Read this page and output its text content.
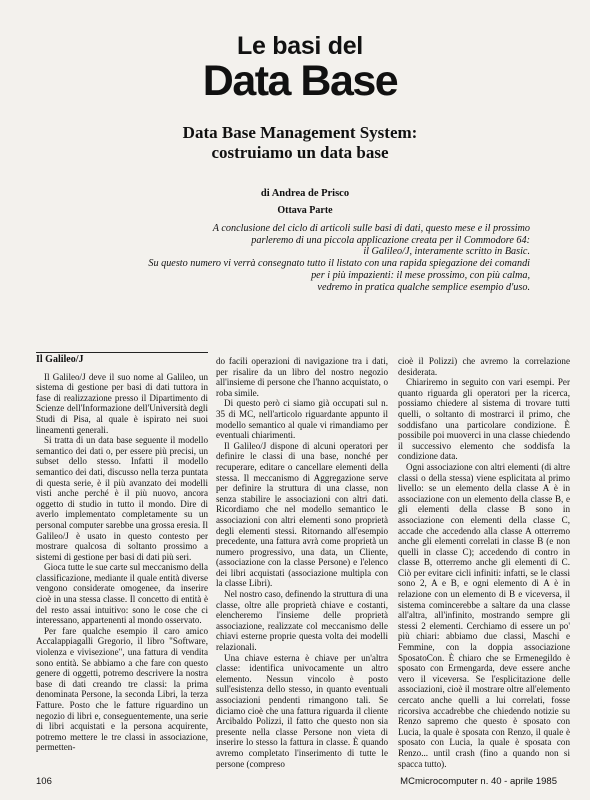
Le basi del
Data Base
Data Base Management System:
costruiamo un data base
di Andrea de Prisco
Ottava Parte

A conclusione del ciclo di articoli sulle basi di dati, questo mese e il prossimo

parleremo di una piccola applicazione creata per il Commodore 64:

il Galileo/J, interamente scritto in Basic.

Su questo numero vi verrà consegnato tutto il listato con una rapida spiegazione dei comandi

per i più impazienti: il mese prossimo, con più calma,

vedremo in pratica qualche semplice esempio d'uso.

Il Galileo/J

Il Galileo/J deve il suo nome al Galileo, un sistema di gestione per basi di dati tuttora in fase di realizzazione presso il Dipartimento di Scienze dell'Informazione dell'Università degli Studi di Pisa, al quale è ispirato nei suoi lineamenti generali.

Si tratta di un data base seguente il modello semantico dei dati o, per essere più precisi, un subset dello stesso. Infatti il modello semantico dei dati, discusso nella terza puntata di questa serie, è il più avanzato dei modelli visti anche perché è il più nuovo, ancora oggetto di studio in tutto il mondo. Dire di averlo implementato completamente su un personal computer sarebbe una grossa eresia. Il Galileo/J è usato in questo contesto per mostrare qualcosa di soltanto prossimo a sistemi di gestione per basi di dati più seri.

Gioca tutte le sue carte sul meccanismo della classificazione, mediante il quale entità diverse vengono considerate omogenee, da inserire cioè in una stessa classe. Il concetto di entità è del resto assai intuitivo: sono le cose che ci interessano, appartenenti al mondo osservato.

Per fare qualche esempio il caro amico Accalappiagalli Gregorio, il libro "Software, violenza e vivisezione", una fattura di vendita sono entità. Se abbiamo a che fare con questo genere di oggetti, potremo descrivere la nostra base di dati creando tre classi: la prima denominata Persone, la seconda Libri, la terza Fatture. Posto che le fatture riguardino un negozio di libri e, conseguentemente, una serie di libri acquistati e la persona acquirente, potremo mettere le tre classi in associazione, permetten-

do facili operazioni di navigazione tra i dati, per risalire da un libro del nostro negozio all'insieme di persone che l'hanno acquistato, o roba simile.

Di questo però ci siamo già occupati sul n. 35 di MC, nell'articolo riguardante appunto il modello semantico al quale vi rimandiamo per eventuali chiarimenti.

Il Galileo/J dispone di alcuni operatori per definire le classi di una base, nonché per recuperare, editare o cancellare elementi della stessa. Il meccanismo di Aggregazione serve per definire la struttura di una classe, non senza stabilire le associazioni con altri dati. Ricordiamo che nel modello semantico le associazioni con altri elementi sono proprietà degli elementi stessi. Ritornando all'esempio precedente, una fattura avrà come proprietà un numero progressivo, una data, un Cliente, (associazione con la classe Persone) e l'elenco dei libri acquistati (associazione multipla con la classe Libri).

Nel nostro caso, definendo la struttura di una classe, oltre alle proprietà chiave e costanti, elencheremo l'insieme delle proprietà associazione, realizzate col meccanismo delle chiavi esterne proprie questa volta dei modelli relazionali.

Una chiave esterna è chiave per un'altra classe: identifica univocamente un altro elemento. Nessun vincolo è posto sull'esistenza dello stesso, in quanto eventuali associazioni pendenti rimangono tali. Se diciamo cioè che una fattura riguarda il cliente Arcibaldo Polizzi, il fatto che questo non sia presente nella classe Persone non vieta di inserire lo stesso la fattura in classe. È quando avremo completato l'inserimento di tutte le persone (compreso

cioè il Polizzi) che avremo la correlazione desiderata.

Chiariremo in seguito con vari esempi. Per quanto riguarda gli operatori per la ricerca, possiamo chiedere al sistema di trovare tutti quelli, o soltanto di mostrarci il primo, che soddisfano una particolare condizione. È possibile poi muoverci in una classe chiedendo il successivo elemento che soddisfa la condizione data.

Ogni associazione con altri elementi (di altre classi o della stessa) viene esplicitata al primo livello: se un elemento della classe A è in associazione con un elemento della classe B, e gli elementi della classe B sono in associazione con elementi della classe C, accade che accedendo alla classe A otterremo anche gli elementi correlati in classe B (e non quelli in classe C); accedendo di contro in classe B, otterremo anche gli elementi di C. Ciò per evitare cicli infiniti: infatti, se le classi sono 2, A e B, e ogni elemento di A è in relazione con un elemento di B e viceversa, il sistema comincerebbe a saltare da una classe all'altra, all'infinito, mostrando sempre gli stessi 2 elementi. Cerchiamo di essere un po' più chiari: abbiamo due classi, Maschi e Femmine, con la doppia associazione SposatoCon. È chiaro che se Ermenegildo è sposato con Ermengarda, deve essere anche vero il viceversa. Se l'esplicitazione delle associazioni, cioè il mostrare oltre all'elemento cercato anche quelli a lui correlati, fosse ricorsiva accadrebbe che chiedendo notizie su Renzo sapremo che questo è sposato con Lucia, la quale è sposata con Renzo, il quale è sposato con Lucia, la quale è sposata con Renzo... until crash (fino a quando non si spacca tutto).

106	MCmicrocomputer n. 40 - aprile 1985
